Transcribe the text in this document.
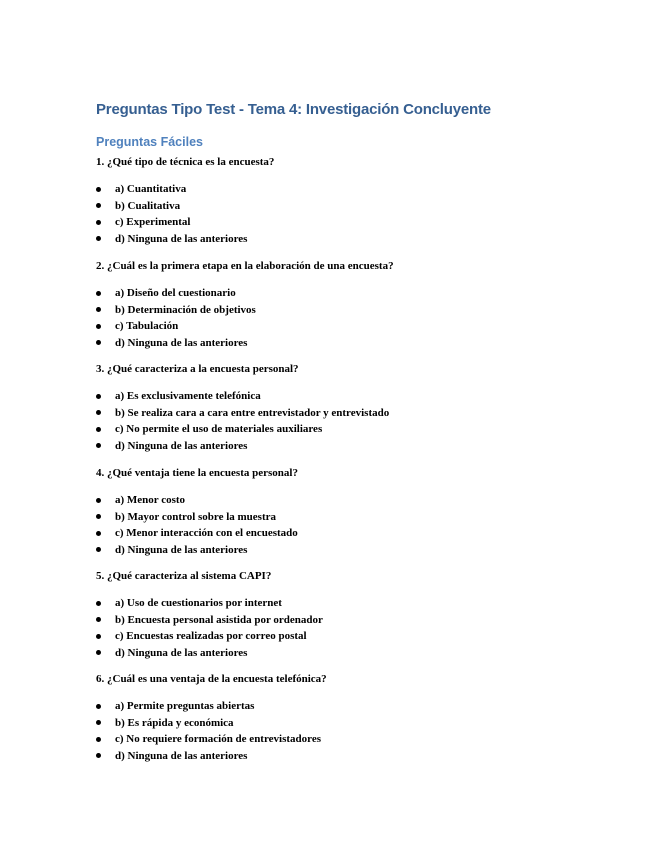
Preguntas Tipo Test - Tema 4: Investigación Concluyente
Preguntas Fáciles

1. ¿Qué tipo de técnica es la encuesta?

a) Cuantitativa
b) Cualitativa
c) Experimental
d) Ninguna de las anteriores

2. ¿Cuál es la primera etapa en la elaboración de una encuesta?

a) Diseño del cuestionario
b) Determinación de objetivos
c) Tabulación
d) Ninguna de las anteriores

3. ¿Qué caracteriza a la encuesta personal?

a) Es exclusivamente telefónica
b) Se realiza cara a cara entre entrevistador y entrevistado
c) No permite el uso de materiales auxiliares
d) Ninguna de las anteriores

4. ¿Qué ventaja tiene la encuesta personal?

a) Menor costo
b) Mayor control sobre la muestra
c) Menor interacción con el encuestado
d) Ninguna de las anteriores

5. ¿Qué caracteriza al sistema CAPI?

a) Uso de cuestionarios por internet
b) Encuesta personal asistida por ordenador
c) Encuestas realizadas por correo postal
d) Ninguna de las anteriores

6. ¿Cuál es una ventaja de la encuesta telefónica?

a) Permite preguntas abiertas
b) Es rápida y económica
c) No requiere formación de entrevistadores
d) Ninguna de las anteriores
